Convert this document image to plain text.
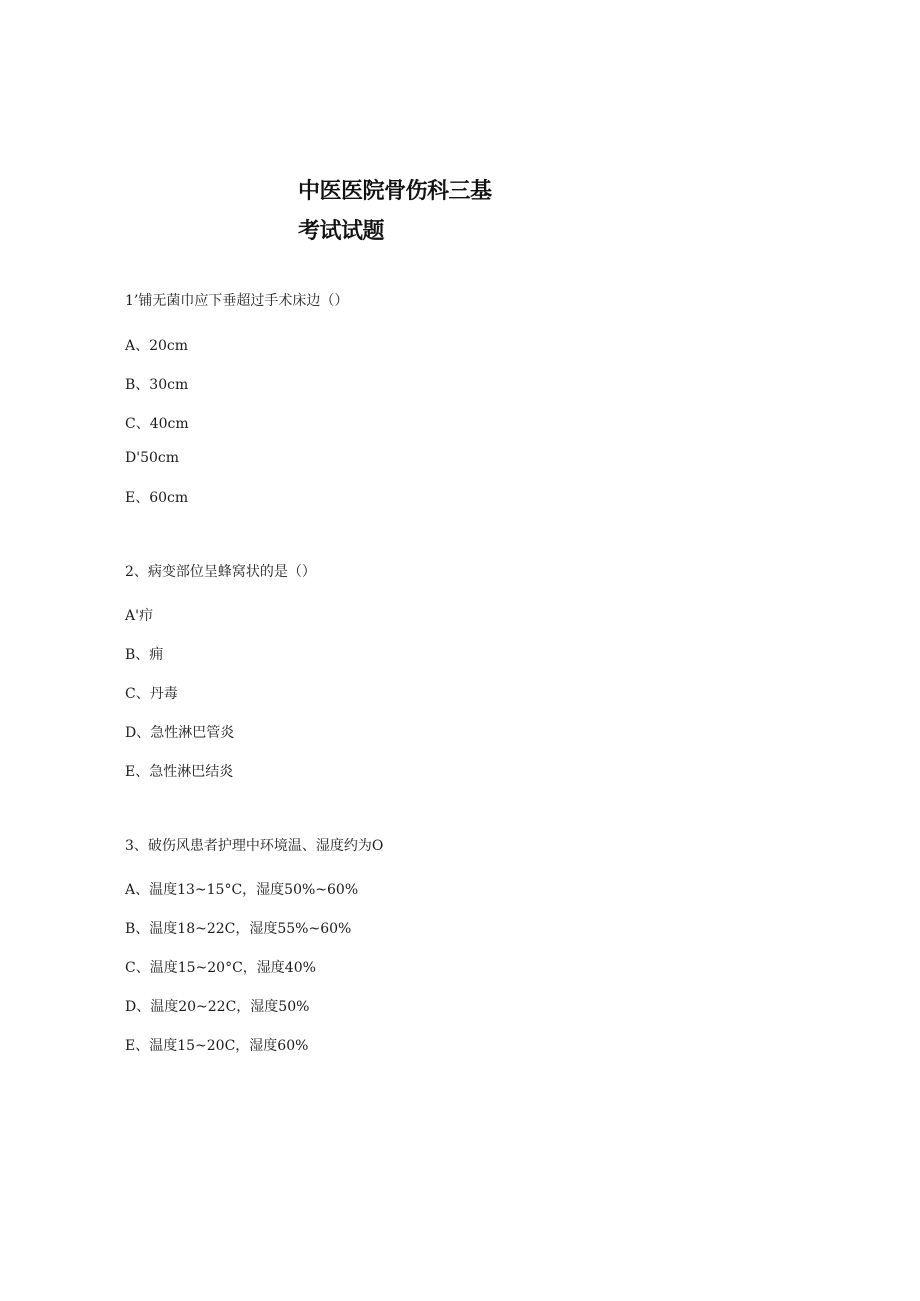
中医医院骨伤科三基
考试试题
1’铺无菌巾应下垂超过手术床边（）
A、20cm
B、30cm
C、40cm
D'50cm
E、60cm
2、病变部位呈蜂窝状的是（）
A'疖
B、痈
C、丹毒
D、急性淋巴管炎
E、急性淋巴结炎
3、破伤风患者护理中环境温、湿度约为O
A、温度13~15°C，湿度50%~60%
B、温度18~22C，湿度55%~60%
C、温度15~20°C，湿度40%
D、温度20~22C，湿度50%
E、温度15~20C，湿度60%
